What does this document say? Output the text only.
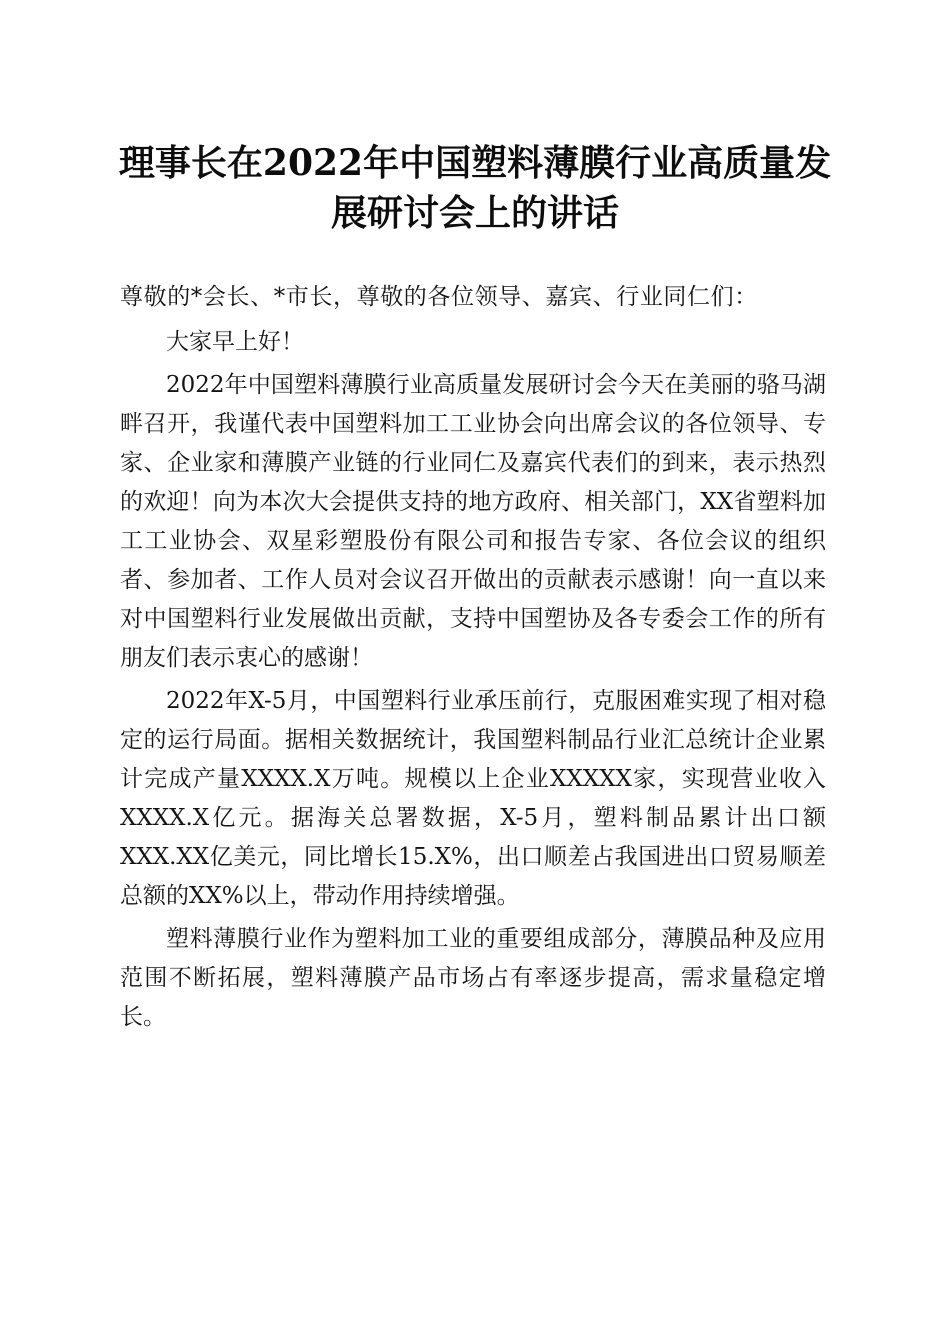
理事长在2022年中国塑料薄膜行业高质量发展研讨会上的讲话

尊敬的*会长、*市长，尊敬的各位领导、嘉宾、行业同仁们：

大家早上好！

2022年中国塑料薄膜行业高质量发展研讨会今天在美丽的骆马湖畔召开，我谨代表中国塑料加工工业协会向出席会议的各位领导、专家、企业家和薄膜产业链的行业同仁及嘉宾代表们的到来，表示热烈的欢迎！向为本次大会提供支持的地方政府、相关部门，XX省塑料加工工业协会、双星彩塑股份有限公司和报告专家、各位会议的组织者、参加者、工作人员对会议召开做出的贡献表示感谢！向一直以来对中国塑料行业发展做出贡献，支持中国塑协及各专委会工作的所有朋友们表示衷心的感谢！

2022年X-5月，中国塑料行业承压前行，克服困难实现了相对稳定的运行局面。据相关数据统计，我国塑料制品行业汇总统计企业累计完成产量XXXX.X万吨。规模以上企业XXXXX家，实现营业收入XXXX.X亿元。据海关总署数据，X-5月，塑料制品累计出口额XXX.XX亿美元，同比增长15.X%，出口顺差占我国进出口贸易顺差总额的XX%以上，带动作用持续增强。

塑料薄膜行业作为塑料加工业的重要组成部分，薄膜品种及应用范围不断拓展，塑料薄膜产品市场占有率逐步提高，需求量稳定增长。
